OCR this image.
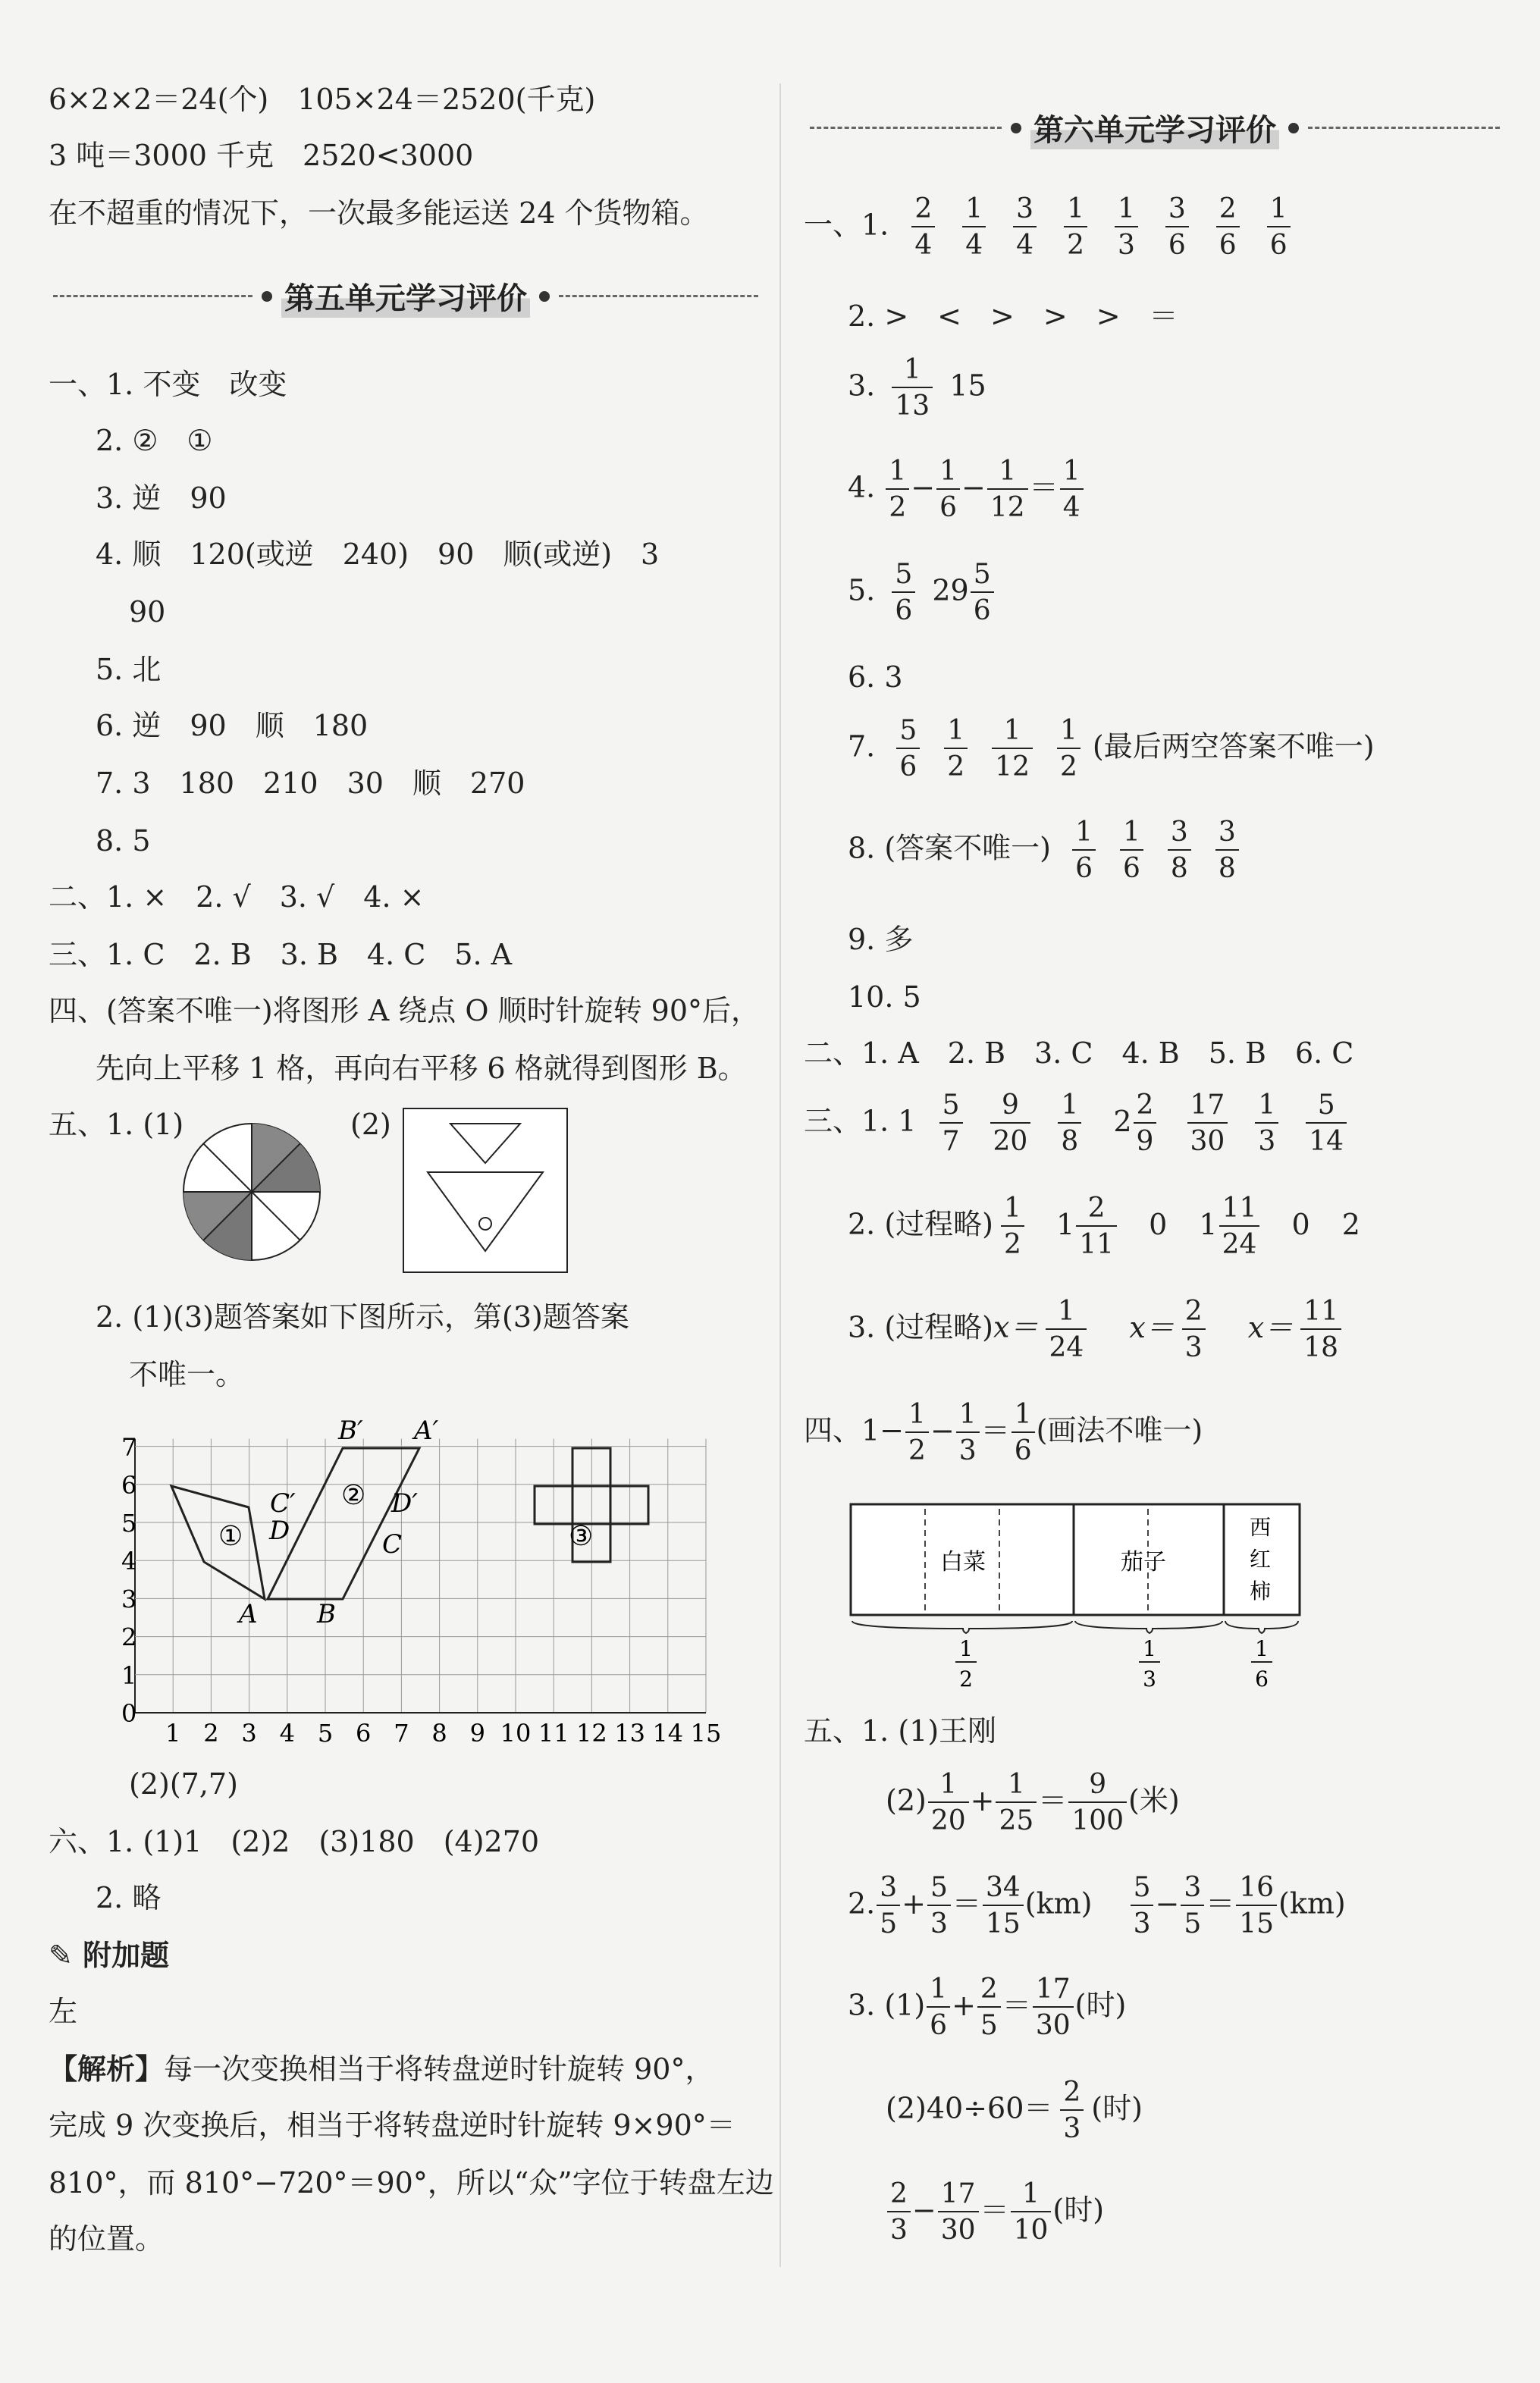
6×2×2＝24(个)　105×24＝2520(千克)
3 吨＝3000 千克　2520<3000
在不超重的情况下，一次最多能运送 24 个货物箱。
第五单元学习评价
一、1. 不变　改变
2. ②　①
3. 逆　90
4. 顺　120(或逆　240)　90　顺(或逆)　3
90
5. 北
6. 逆　90　顺　180
7. 3　180　210　30　顺　270
8. 5
二、1. ×　2. √　3. √　4. ×
三、1. C　2. B　3. B　4. C　5. A
四、(答案不唯一)将图形 A 绕点 O 顺时针旋转 90°后，
先向上平移 1 格，再向右平移 6 格就得到图形 B。
五、1. (1)	(2)
2. (1)(3)题答案如下图所示，第(3)题答案
不唯一。
0
1
2
3
4
5
6
7
1 2 3 4 5 6 7 8 9 10 11 12 13 14 15
A B
C
D
A′
B′
C′	D′
①
②
③
(2)(7,7)
六、1. (1)1　(2)2　(3)180　(4)270
2. 略
✎ 附加题
左
【解析】每一次变换相当于将转盘逆时针旋转 90°，
完成 9 次变换后，相当于将转盘逆时针旋转 9×90°＝
810°，而 810°−720°＝90°，所以“众”字位于转盘左边
的位置。
第六单元学习评价
一、1. $\frac{2}{4} \frac{1}{4} \frac{3}{4} \frac{1}{2} \frac{1}{3} \frac{3}{6} \frac{2}{6} \frac{1}{6}$
2. >　<　>　>　>　＝
3. $\frac{1}{13} 15$
4. $\frac{1}{2} - \frac{1}{6} - \frac{1}{12} = \frac{1}{4}$
5. $\frac{5}{6} 29 \frac{5}{6}$
6. 3
7. $\frac{5}{6} \frac{1}{2} \frac{1}{12} \frac{1}{2}$ (最后两空答案不唯一)
8. (答案不唯一) $\frac{1}{6} \frac{1}{6} \frac{3}{8} \frac{3}{8}$
9. 多
10. 5
二、1. A　2. B　3. C　4. B　5. B　6. C
三、1. $1 \frac{5}{7} \frac{9}{20} \frac{1}{8} 2 \frac{2}{9}$
$\frac{17}{30} \frac{1}{3} \frac{5}{14}$
2. (过程略) $\frac{1}{2} 1 \frac{2}{11} 0$ $1 \frac{11}{24} 0$ 2
3. (过程略)$x= \frac{1}{24} x= \frac{2}{3} x= \frac{11}{18}$
四、$1- \frac{1}{2} - \frac{1}{3} = \frac{1}{6}$ (画法不唯一)
白菜	茄子
西
红
柿
1
2
1
3
1
6
五、1. (1)王刚
$(2) \frac{1}{20} + \frac{1}{25} = \frac{9}{100}$ (米)
2. $\frac{3}{5} + \frac{5}{3} = \frac{34}{15} (km) \frac{5}{3} - \frac{3}{5} = \frac{16}{15} (km)$
3. $(1) \frac{1}{6} + \frac{2}{5} = \frac{17}{30}$ (时)
$(2)40\div 60= \frac{2}{3}$ (时)
$\frac{2}{3} - \frac{17}{30} = \frac{1}{10}$ (时)
